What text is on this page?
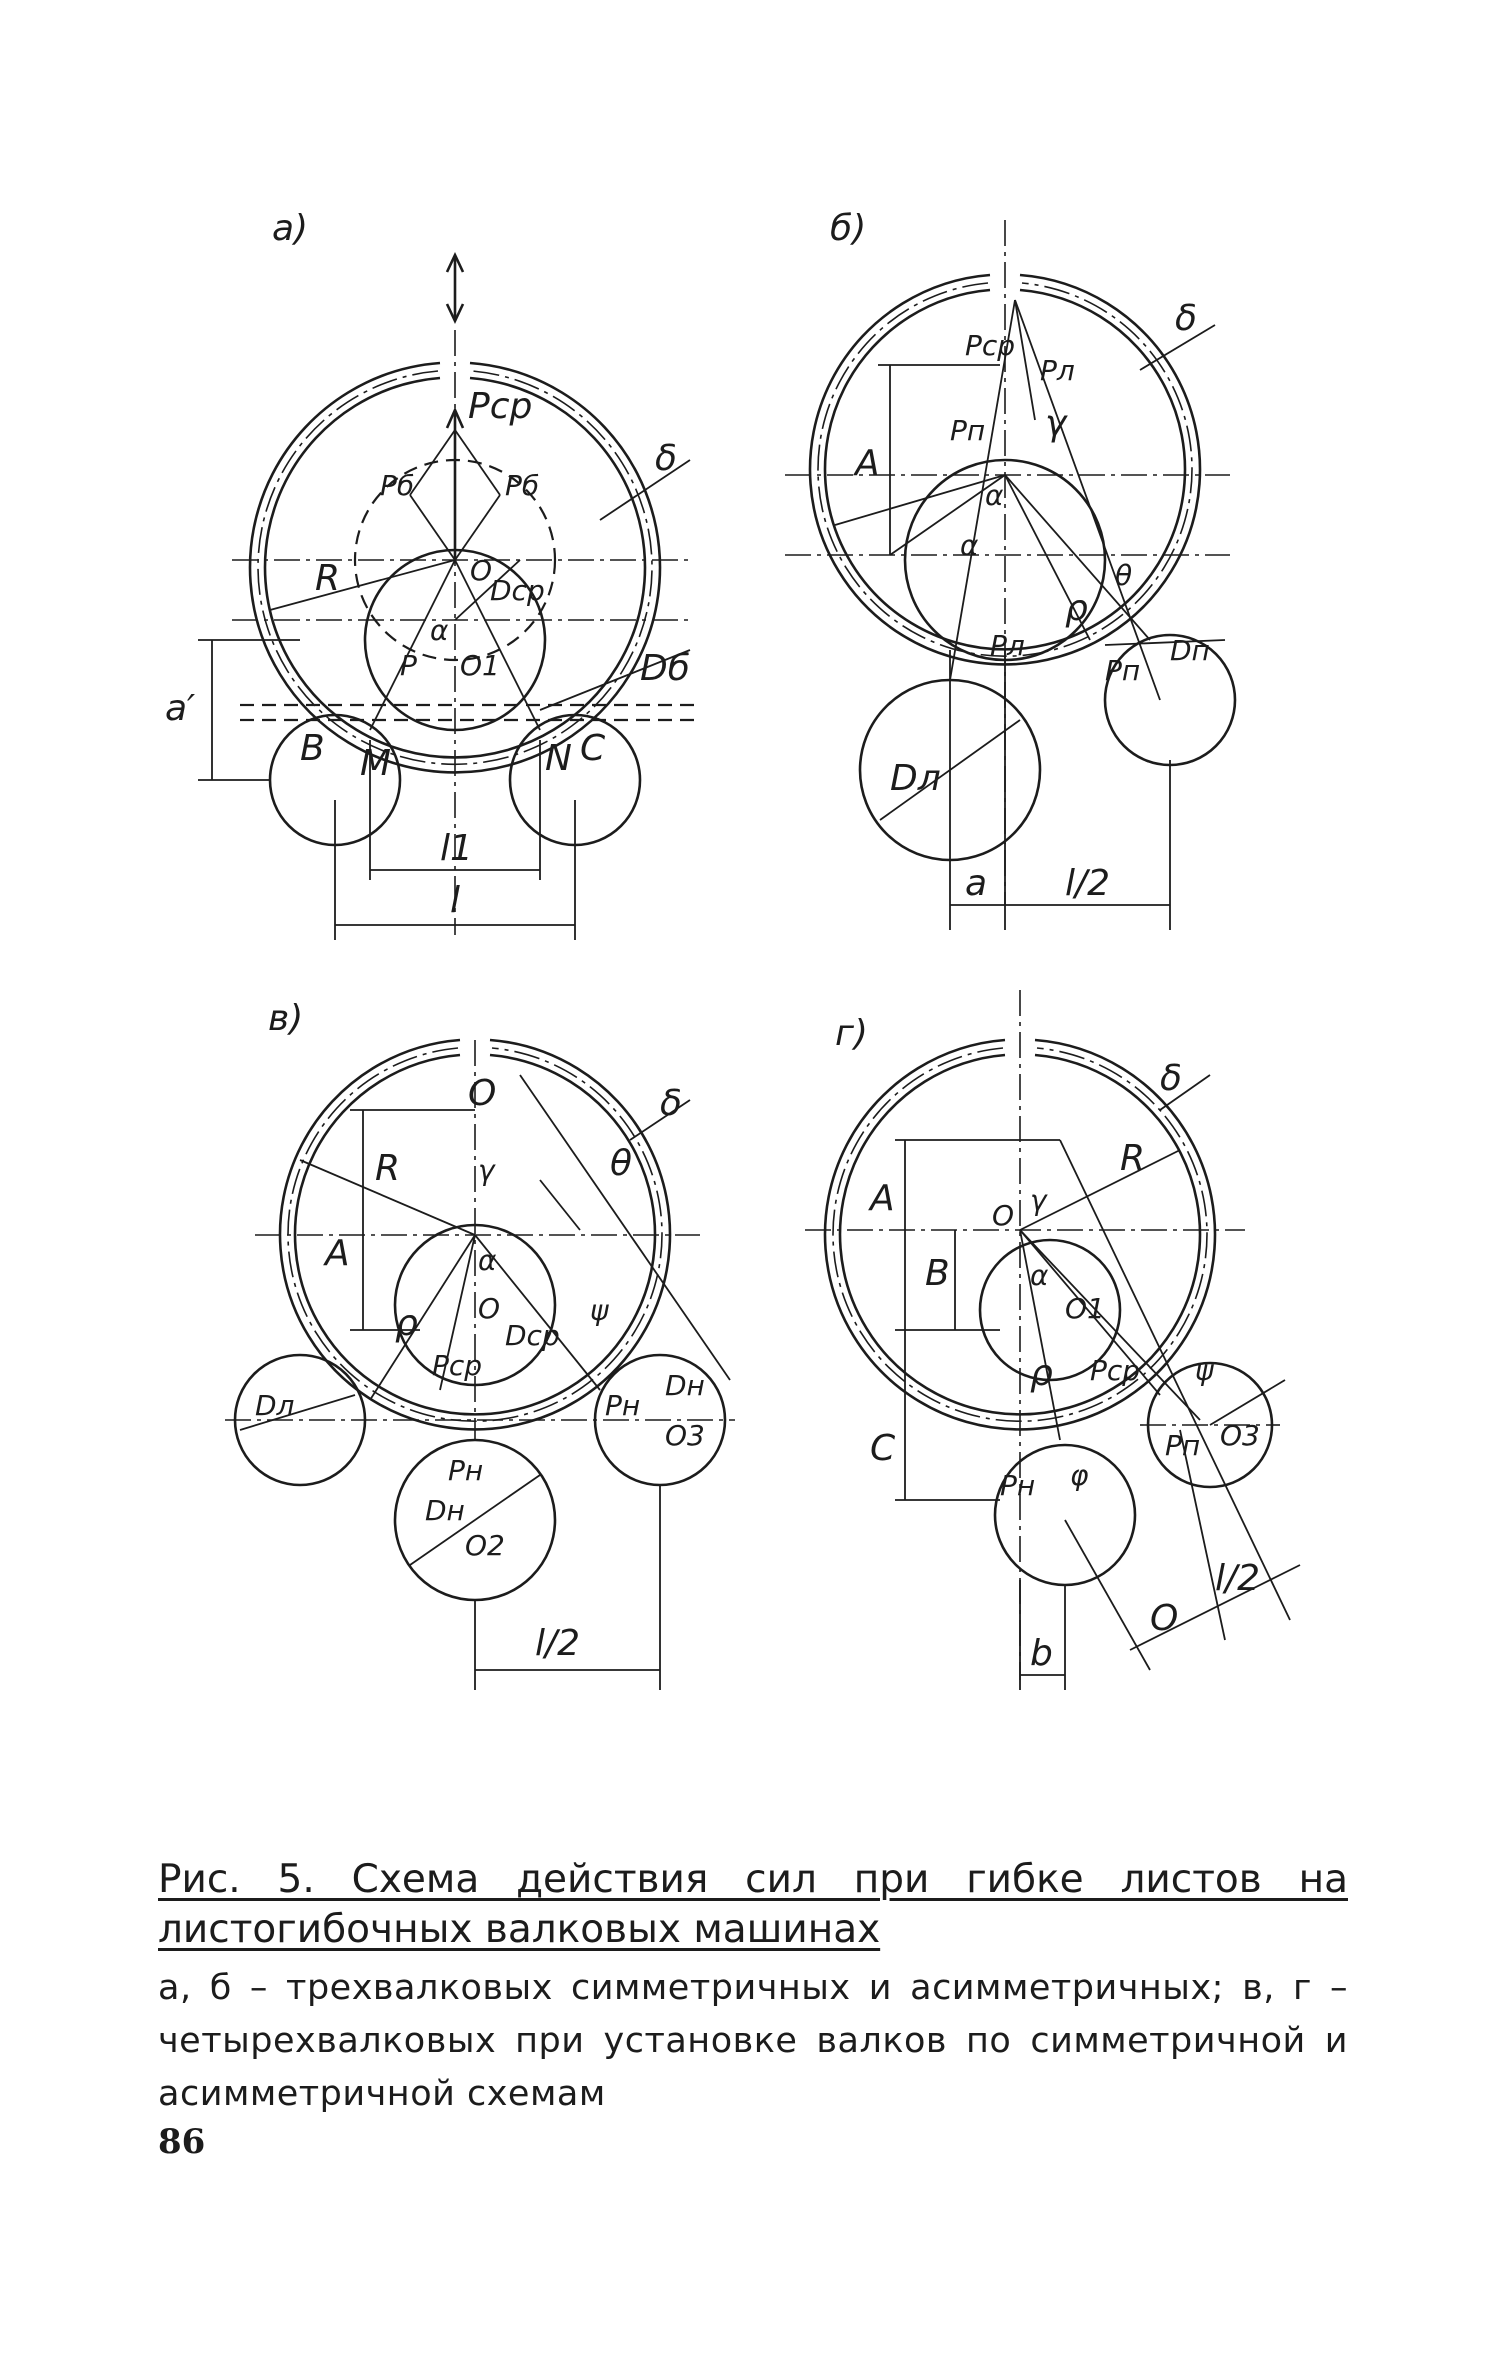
а)
Pср
Pб	Pб
δ
R	O
Dср
α
O1
P	Dб
a′
B M	N C
l1
l
б)
Pср
Pл
γ
Pп
δ
A
α
α
ρ
θ
Pл
Pп
Dп
Dл
a l/2
в)
O	δ
R	γ	θ
A	α
O
ρ	Dср
ψ
Pср
Dл	Pн
Dн
O3
Pн
Dн
O2
l/2
г)
δ
A	O γ
R
B	α
O1
ρ Pср ψ
C	Pп O3
Pн φ
O
l/2
b
Рис. 5. Схема действия сил при гибке листов на листогибочных валковых машинах
а, б – трехвалковых симметричных и асимметричных; в, г – четырехвалковых при установке валков по симметричной и асимметричной схемам
86
